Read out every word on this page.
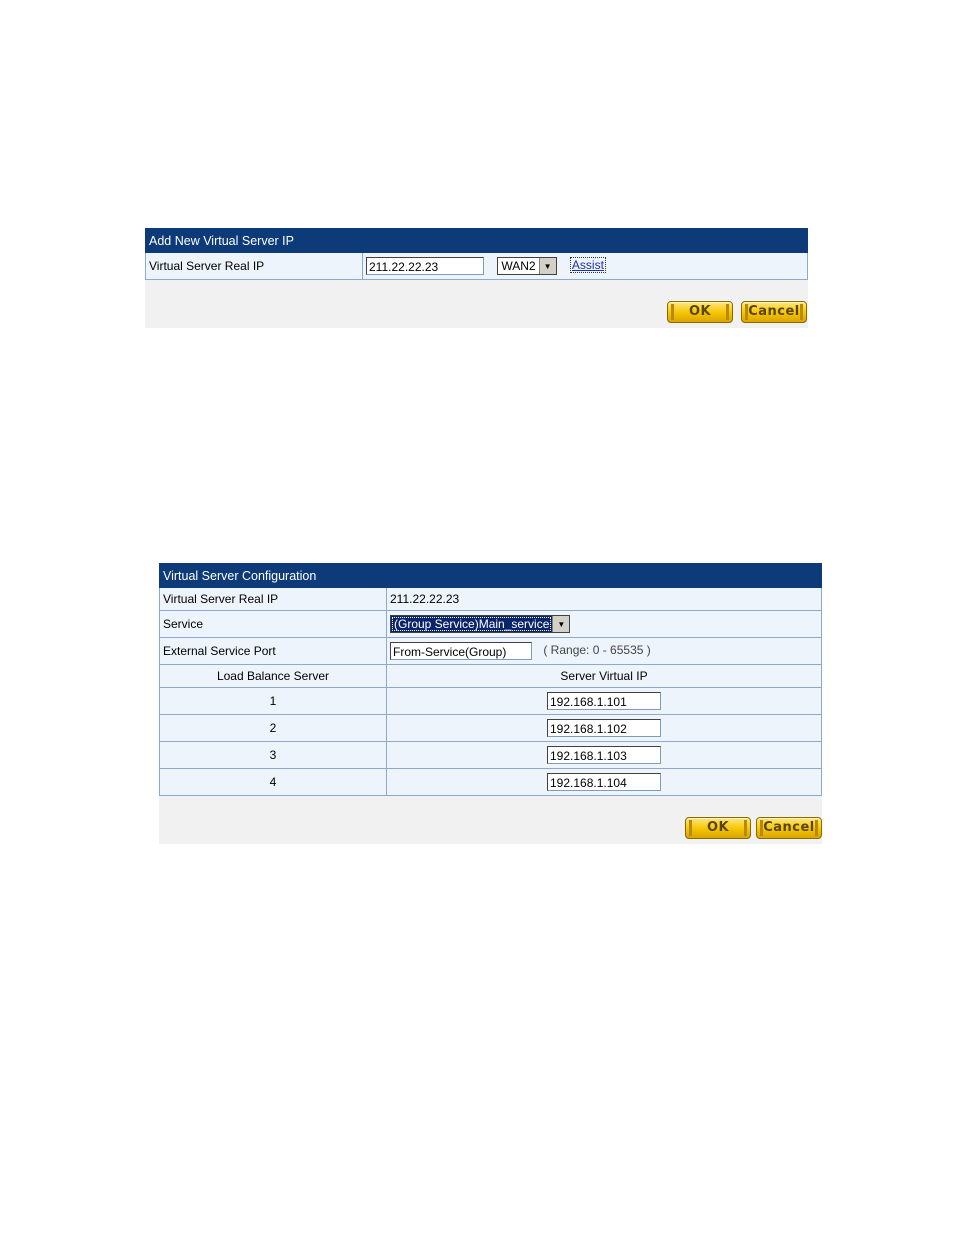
Add New Virtual Server IP
Virtual Server Real IP	211.22.22.23	WAN2	▼	Assist
OK	Cancel
Virtual Server Configuration	
Virtual Server Real IP	211.22.22.23
Service	(Group Service)Main_service ▼

External Service Port	From-Service(Group) ( Range: 0 - 65535 )
Load Balance Server	Server Virtual IP
1	192.168.1.101
2	192.168.1.102
3	192.168.1.103
4	192.168.1.104
OK	Cancel
